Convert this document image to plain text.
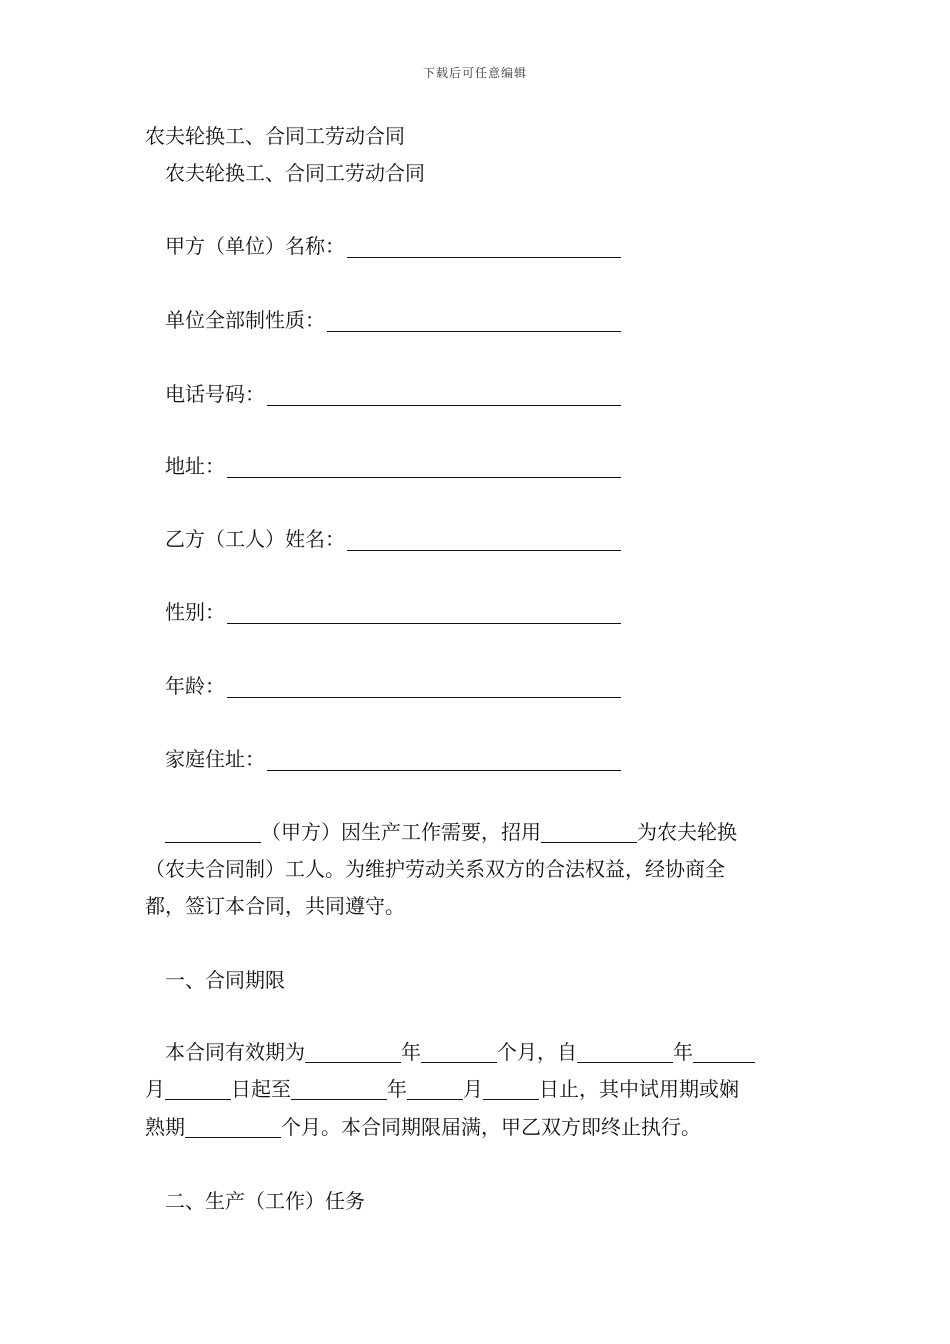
下载后可任意编辑
农夫轮换工、合同工劳动合同
农夫轮换工、合同工劳动合同
甲方（单位）名称：
单位全部制性质：
电话号码：
地址：
乙方（工人）姓名：
性别：
年龄：
家庭住址：
（甲方）因生产工作需要，招用	为农夫轮换
（农夫合同制）工人。为维护劳动关系双方的合法权益，经协商全
都，签订本合同，共同遵守。
一、合同期限
本合同有效期为	年	个月，自	年
月	日起至	年	月	日止，其中试用期或娴
熟期	个月。本合同期限届满，甲乙双方即终止执行。
二、生产（工作）任务
